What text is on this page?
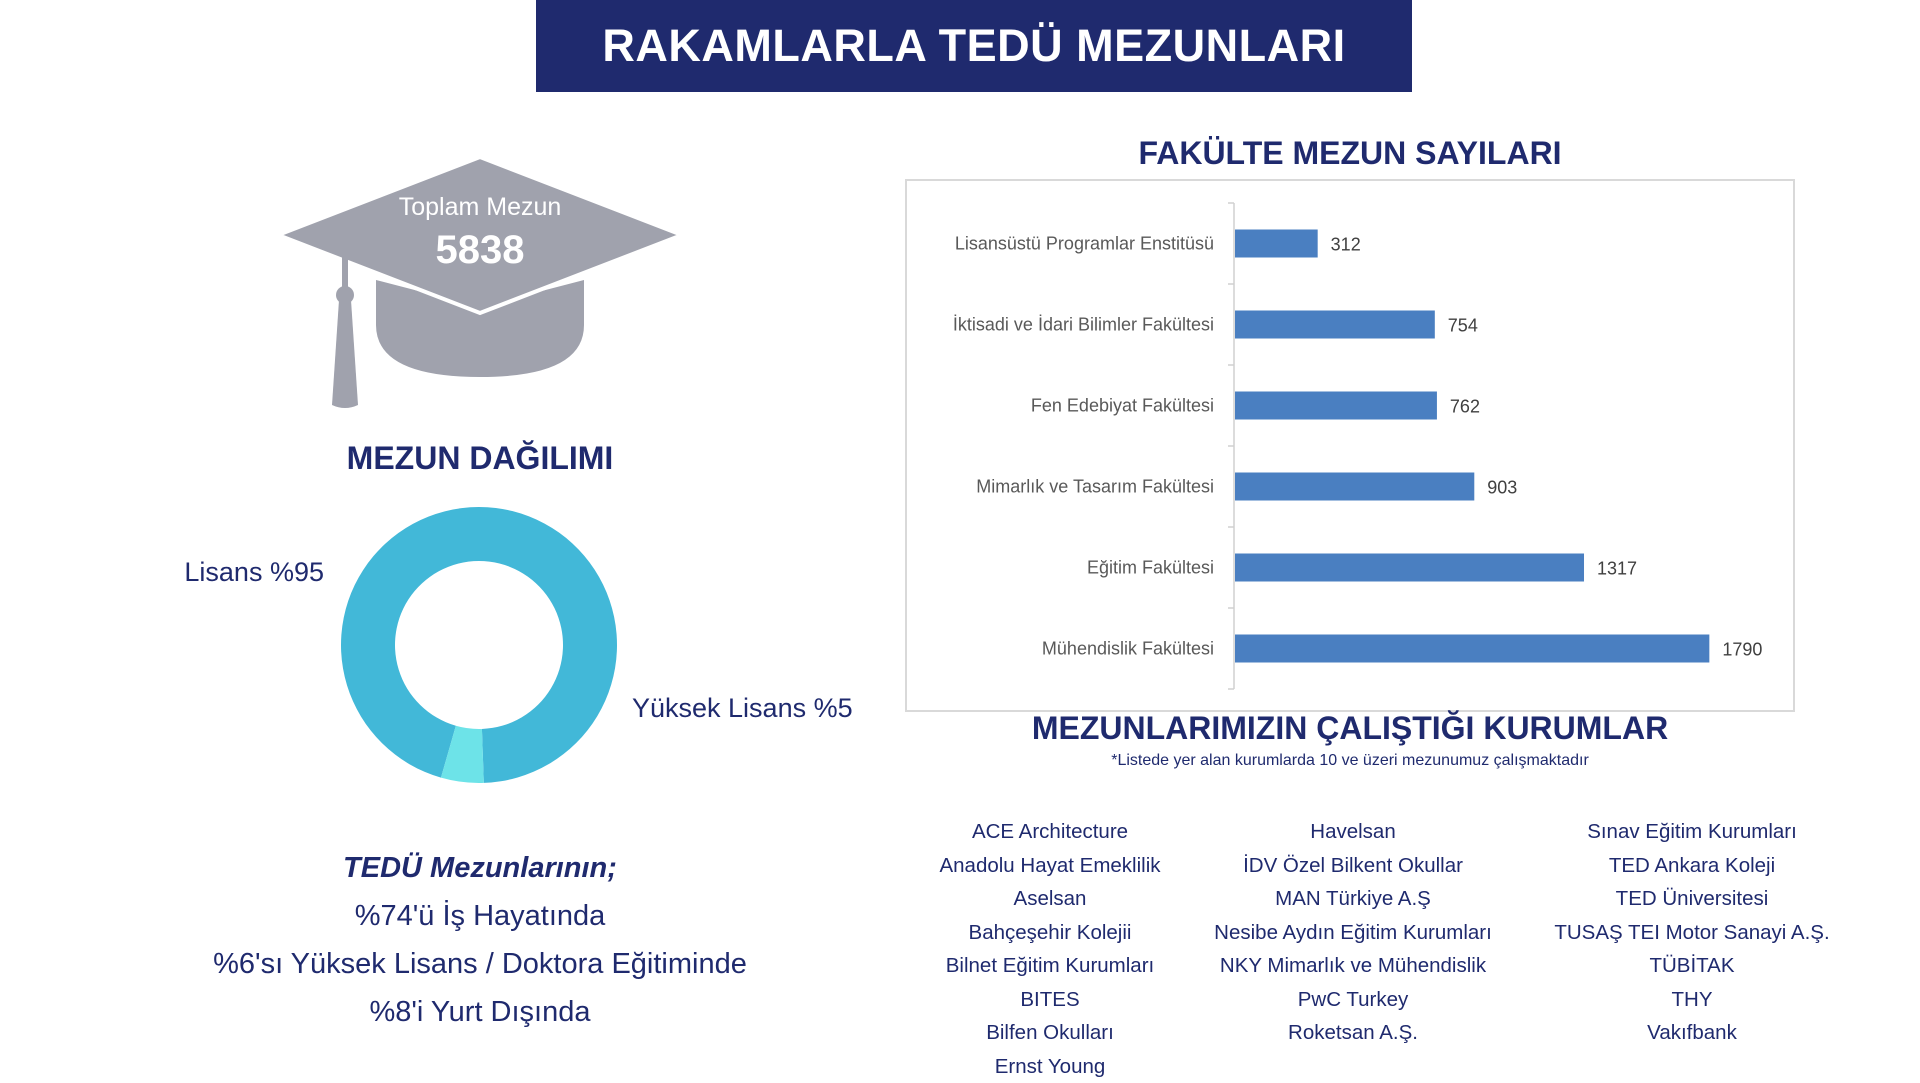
RAKAMLARLA TEDÜ MEZUNLARI
Toplam Mezun
5838
MEZUN DAĞILIMI
Lisans %95
Yüksek Lisans %5
TEDÜ Mezunlarının;
%74'ü İş Hayatında
%6'sı Yüksek Lisans / Doktora Eğitiminde
%8'i Yurt Dışında
FAKÜLTE MEZUN SAYILARI
Lisansüstü Programlar Enstitüsü	312
İktisadi ve İdari Bilimler Fakültesi	754
Fen Edebiyat Fakültesi	762
Mimarlık ve Tasarım Fakültesi	903
Eğitim Fakültesi	1317
Mühendislik Fakültesi	1790
MEZUNLARIMIZIN ÇALIŞTIĞI KURUMLAR
*Listede yer alan kurumlarda 10 ve üzeri mezunumuz çalışmaktadır
ACE Architecture
Anadolu Hayat Emeklilik
Aselsan
Bahçeşehir Kolejii
Bilnet Eğitim Kurumları
BITES
Bilfen Okulları
Ernst Young
Havelsan
İDV Özel Bilkent Okullar
MAN Türkiye A.Ş
Nesibe Aydın Eğitim Kurumları
NKY Mimarlık ve Mühendislik
PwC Turkey
Roketsan A.Ş.
Sınav Eğitim Kurumları
TED Ankara Koleji
TED Üniversitesi
TUSAŞ TEI Motor Sanayi A.Ş.
TÜBİTAK
THY
Vakıfbank
